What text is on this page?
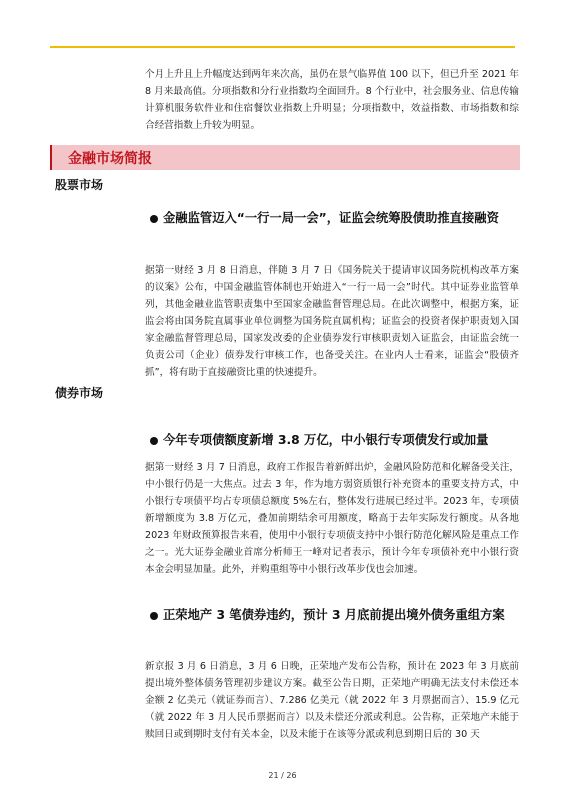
个月上升且上升幅度达到两年来次高，虽仍在景气临界值 100 以下，但已升至 2021 年 8 月来最高值。分项指数和分行业指数均全面回升。8 个行业中，社会服务业、信息传输计算机服务软件业和住宿餐饮业指数上升明显；分项指数中，效益指数、市场指数和综合经营指数上升较为明显。

金融市场简报
股票市场

金融监管迈入“一行一局一会”，证监会统筹股债助推直接融资

据第一财经 3 月 8 日消息，伴随 3 月 7 日《国务院关于提请审议国务院机构改革方案的议案》公布，中国金融监管体制也开始进入“一行一局一会”时代。其中证券业监管单列，其他金融业监管职责集中至国家金融监督管理总局。在此次调整中，根据方案，证监会将由国务院直属事业单位调整为国务院直属机构；证监会的投资者保护职责划入国家金融监督管理总局，国家发改委的企业债券发行审核职责划入证监会，由证监会统一负责公司（企业）债券发行审核工作，也备受关注。在业内人士看来，证监会“股债齐抓”，将有助于直接融资比重的快速提升。

债券市场

今年专项债额度新增 3.8 万亿，中小银行专项债发行或加量

据第一财经 3 月 7 日消息，政府工作报告着新鲜出炉，金融风险防范和化解备受关注，中小银行仍是一大焦点。过去 3 年，作为地方弱资质银行补充资本的重要支持方式，中小银行专项债平均占专项债总额度 5%左右，整体发行进展已经过半。2023 年，专项债新增额度为 3.8 万亿元，叠加前期结余可用额度，略高于去年实际发行额度。从各地 2023 年财政预算报告来看，使用中小银行专项债支持中小银行防范化解风险是重点工作之一。光大证券金融业首席分析师王一峰对记者表示，预计今年专项债补充中小银行资本金会明显加量。此外，并购重组等中小银行改革步伐也会加速。

正荣地产 3 笔债券违约，预计 3 月底前提出境外债务重组方案

新京报 3 月 6 日消息，3 月 6 日晚，正荣地产发布公告称，预计在 2023 年 3 月底前提出境外整体债务管理初步建议方案。截至公告日期，正荣地产明确无法支付未偿还本金额 2 亿美元（就证券而言）、7.286 亿美元（就 2022 年 3 月票据而言）、15.9 亿元（就 2022 年 3 月人民币票据而言）以及未偿还分派或利息。公告称，正荣地产未能于赎回日或到期时支付有关本金，以及未能于在该等分派或利息到期日后的 30 天

21 / 26
